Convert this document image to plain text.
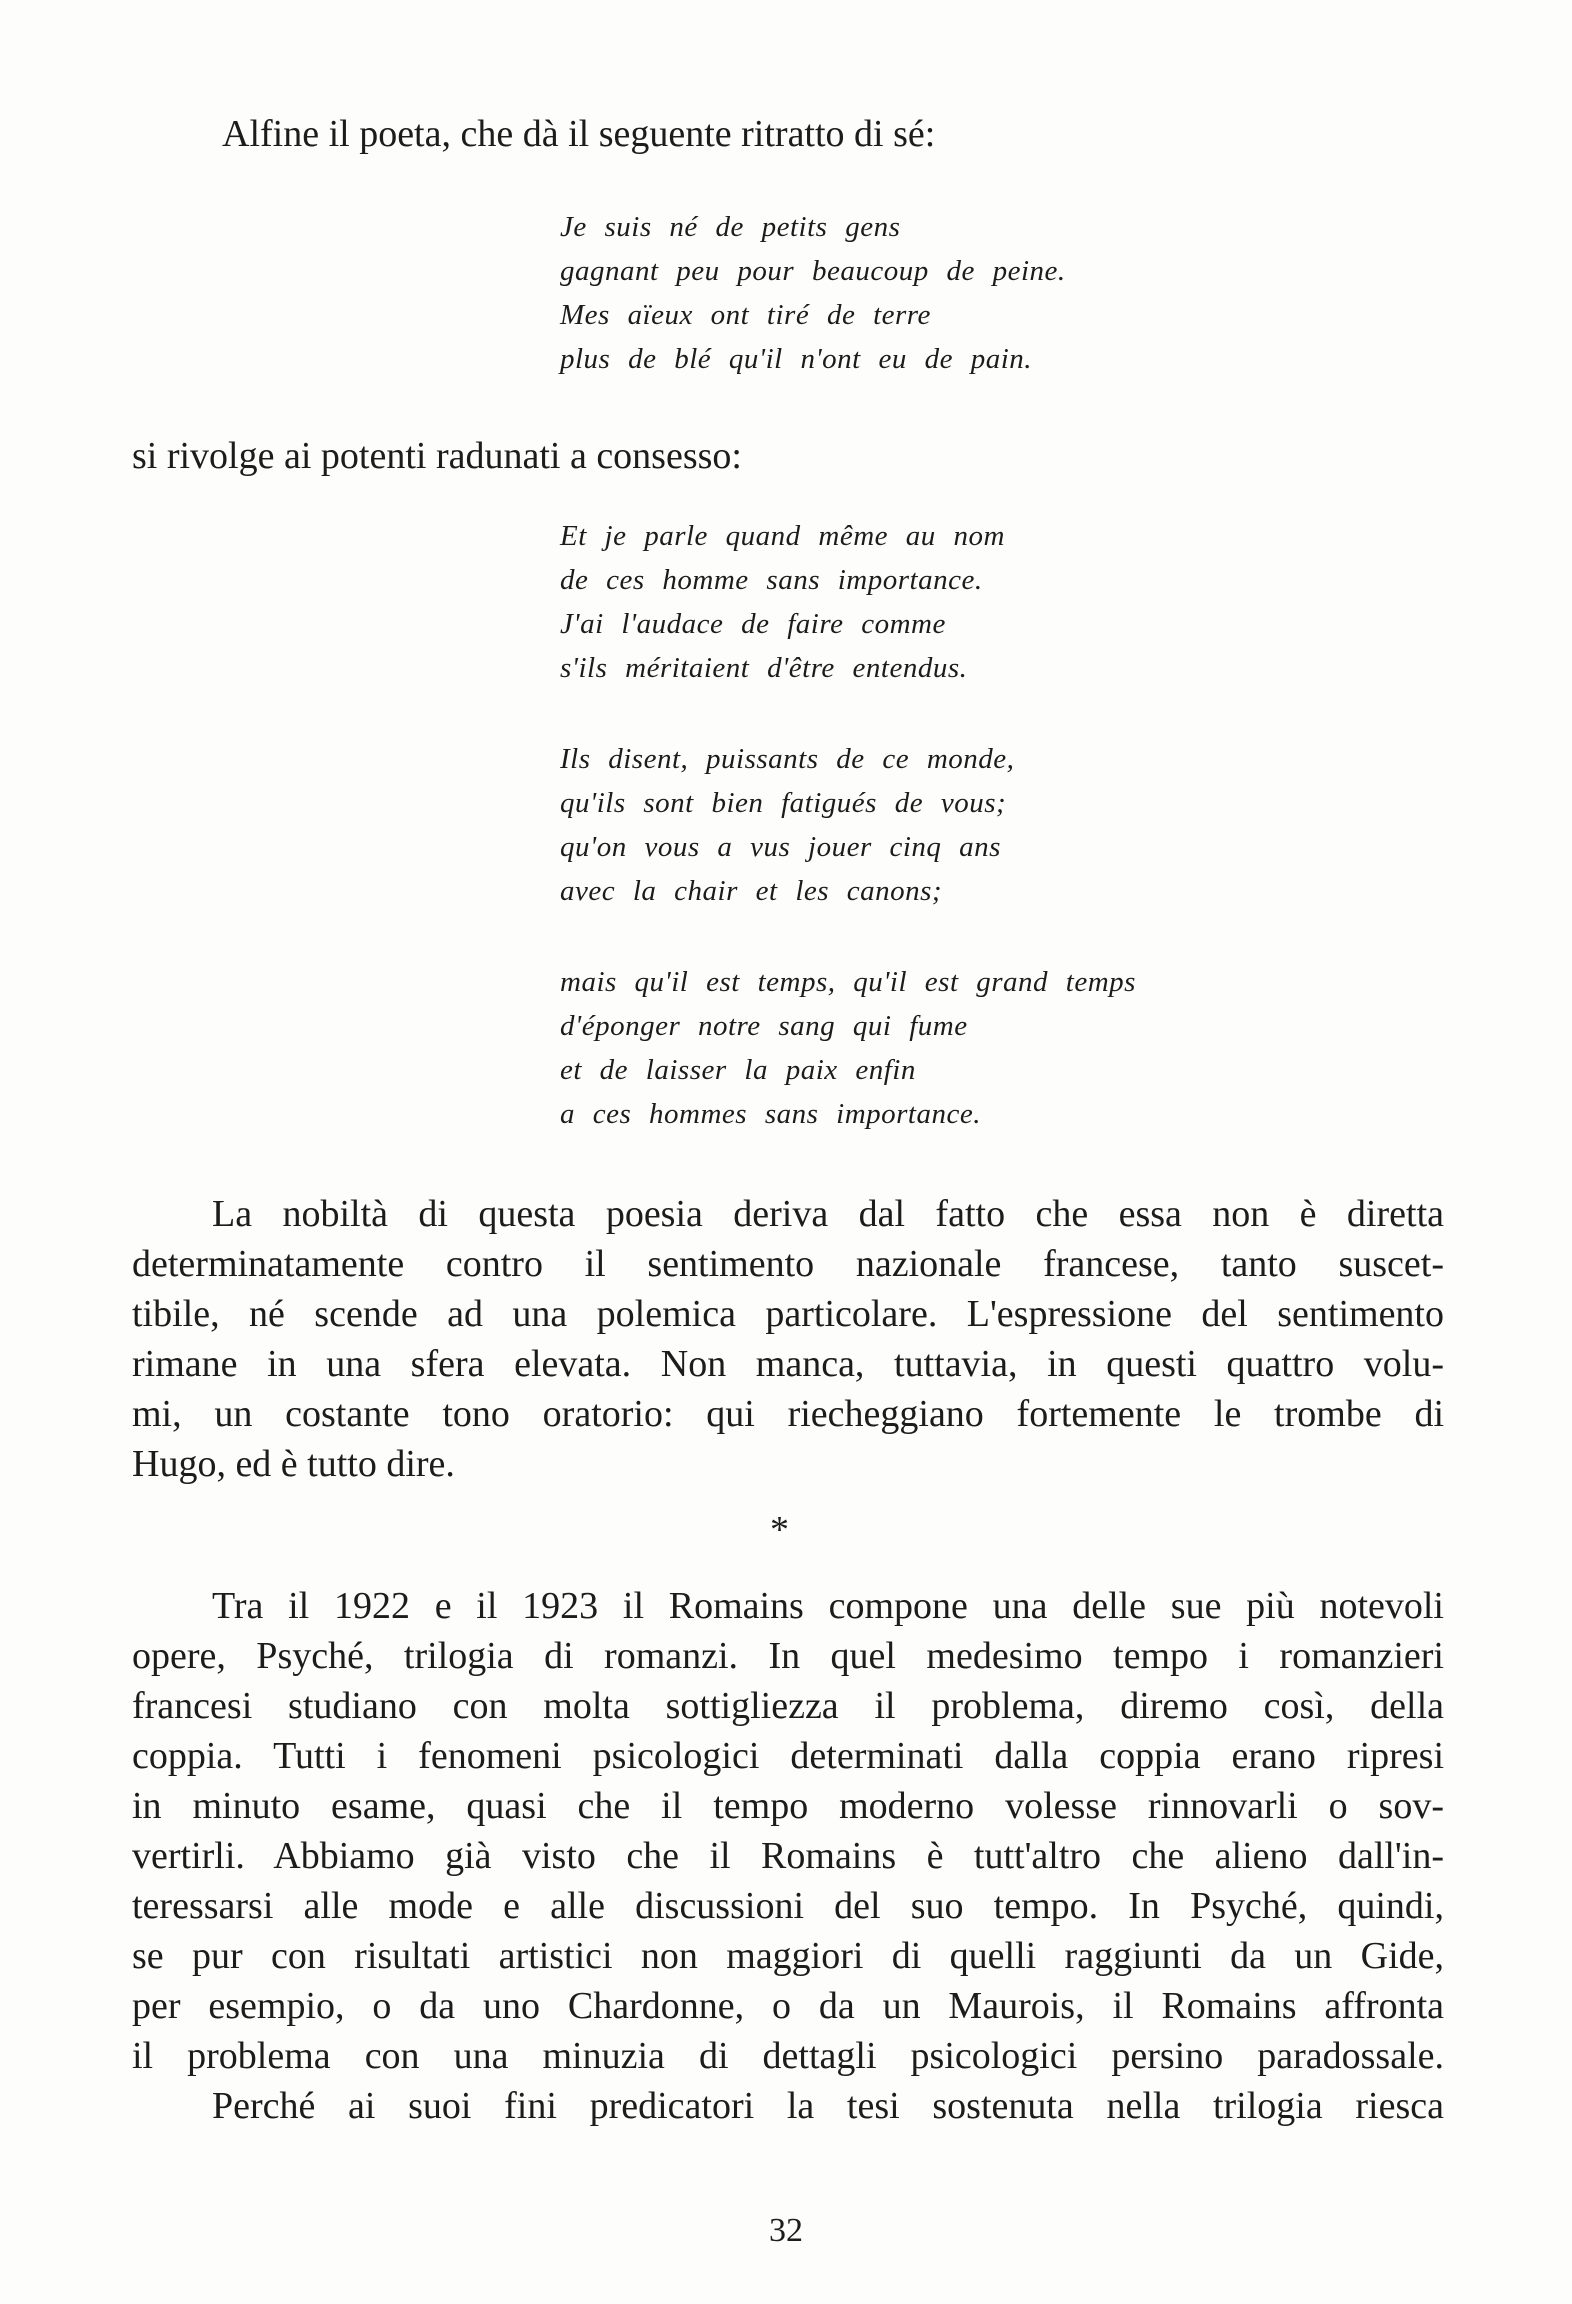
Alfine il poeta, che dà il seguente ritratto di sé:

Je suis né de petits gens

gagnant peu pour beaucoup de peine.

Mes aïeux ont tiré de terre

plus de blé qu'il n'ont eu de pain.

si rivolge ai potenti radunati a consesso:

Et je parle quand même au nom

de ces homme sans importance.

J'ai l'audace de faire comme

s'ils méritaient d'être entendus.

Ils disent, puissants de ce monde,

qu'ils sont bien fatigués de vous;

qu'on vous a vus jouer cinq ans

avec la chair et les canons;

mais qu'il est temps, qu'il est grand temps

d'éponger notre sang qui fume

et de laisser la paix enfin

a ces hommes sans importance.

La nobiltà di questa poesia deriva dal fatto che essa non è diretta

determinatamente contro il sentimento nazionale francese, tanto suscet-

tibile, né scende ad una polemica particolare. L'espressione del sentimento

rimane in una sfera elevata. Non manca, tuttavia, in questi quattro volu-

mi, un costante tono oratorio: qui riecheggiano fortemente le trombe di

Hugo, ed è tutto dire.

*

Tra il 1922 e il 1923 il Romains compone una delle sue più notevoli

opere, Psyché, trilogia di romanzi. In quel medesimo tempo i romanzieri

francesi studiano con molta sottigliezza il problema, diremo così, della

coppia. Tutti i fenomeni psicologici determinati dalla coppia erano ripresi

in minuto esame, quasi che il tempo moderno volesse rinnovarli o sov-

vertirli. Abbiamo già visto che il Romains è tutt'altro che alieno dall'in-

teressarsi alle mode e alle discussioni del suo tempo. In Psyché, quindi,

se pur con risultati artistici non maggiori di quelli raggiunti da un Gide,

per esempio, o da uno Chardonne, o da un Maurois, il Romains affronta

il problema con una minuzia di dettagli psicologici persino paradossale.

Perché ai suoi fini predicatori la tesi sostenuta nella trilogia riesca

32
